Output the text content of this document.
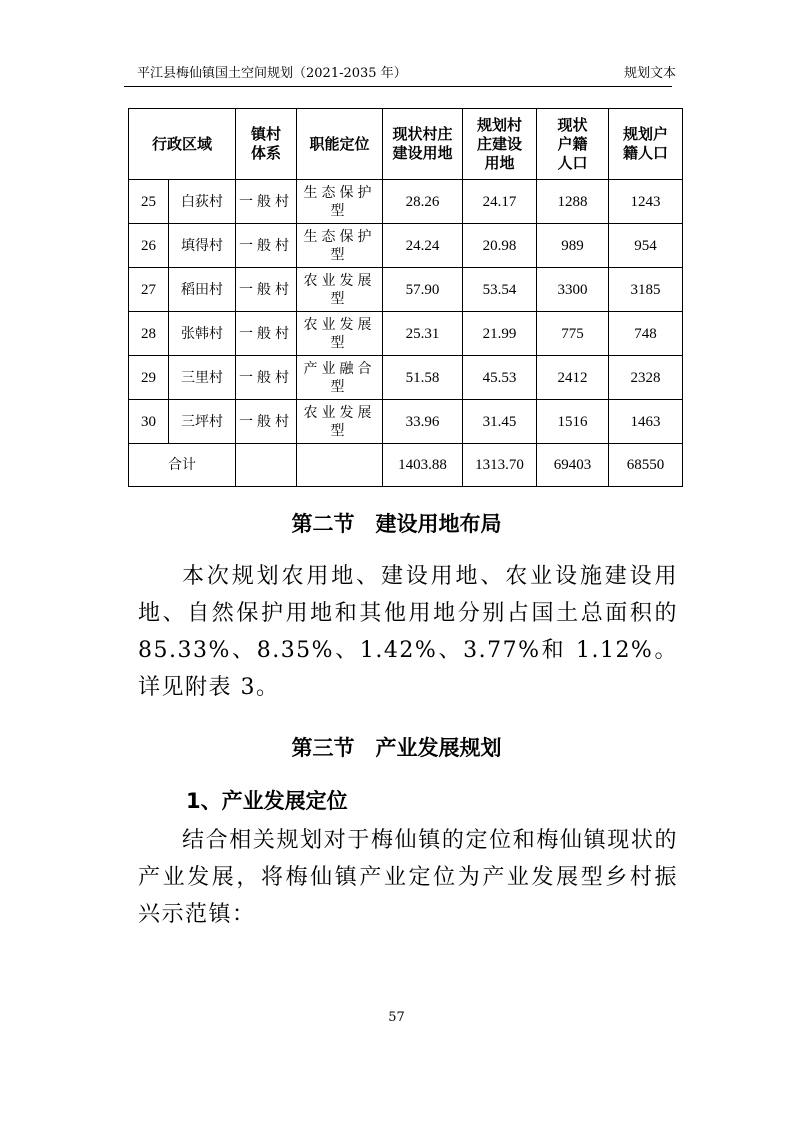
平江县梅仙镇国土空间规划（2021-2035 年）	规划文本
行政区域		镇村体系	职能定位	现状村庄建设用地	规划村庄建设用地	现状户籍人口	规划户籍人口
25	白荻村	一般村	生态保护型	28.26	24.17	1288	1243
26	填得村	一般村	生态保护型	24.24	20.98	989	954
27	稻田村	一般村	农业发展型	57.90	53.54	3300	3185
28	张韩村	一般村	农业发展型	25.31	21.99	775	748
29	三里村	一般村	产业融合型	51.58	45.53	2412	2328
30	三坪村	一般村	农业发展型	33.96	31.45	1516	1463
合计				1403.88	1313.70	69403	68550
第二节　建设用地布局
本次规划农用地、建设用地、农业设施建设用地、自然保护用地和其他用地分别占国土总面积的 85.33%、8.35%、1.42%、3.77%和 1.12%。详见附表 3。
第三节　产业发展规划
1、产业发展定位
结合相关规划对于梅仙镇的定位和梅仙镇现状的产业发展，将梅仙镇产业定位为产业发展型乡村振兴示范镇：
57
